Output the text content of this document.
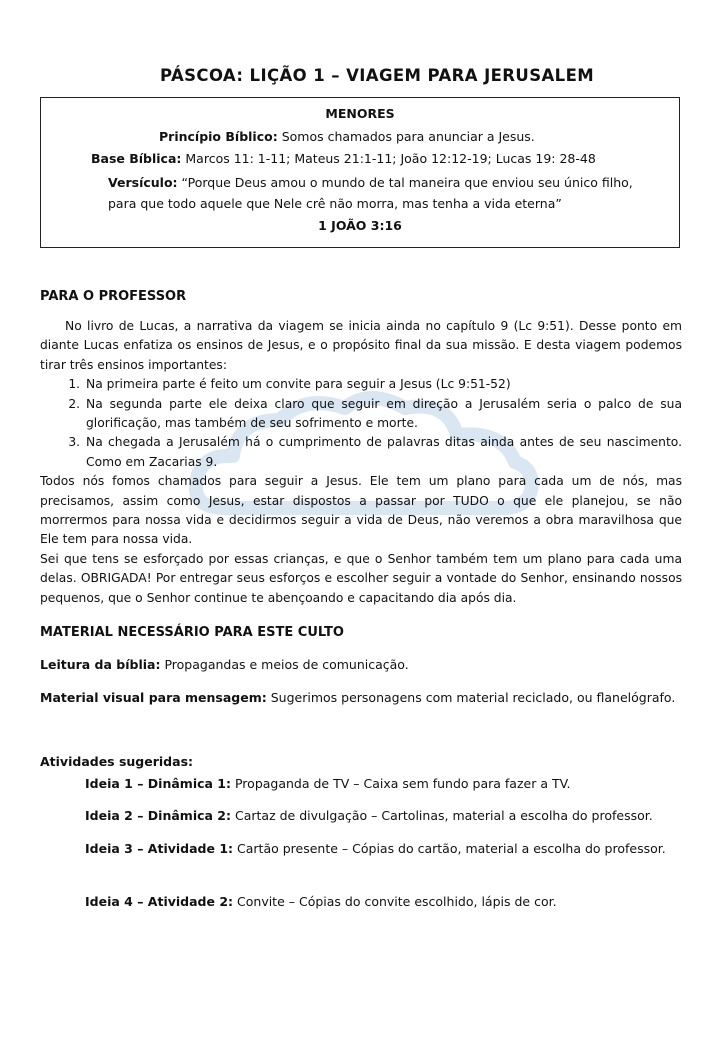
PÁSCOA: LIÇÃO 1 – VIAGEM PARA JERUSALEM
MENORES
Princípio Bíblico: Somos chamados para anunciar a Jesus.
Base Bíblica: Marcos 11: 1-11; Mateus 21:1-11; João 12:12-19; Lucas 19: 28-48
Versículo: “Porque Deus amou o mundo de tal maneira que enviou seu único filho,
para que todo aquele que Nele crê não morra, mas tenha a vida eterna”
1 JOÃO 3:16
PARA O PROFESSOR

No livro de Lucas, a narrativa da viagem se inicia ainda no capítulo 9 (Lc 9:51). Desse ponto em diante Lucas enfatiza os ensinos de Jesus, e o propósito final da sua missão. E desta viagem podemos tirar três ensinos importantes:

1. Na primeira parte é feito um convite para seguir a Jesus (Lc 9:51-52)
2. Na segunda parte ele deixa claro que seguir em direção a Jerusalém seria o palco de sua glorificação, mas também de seu sofrimento e morte.
3. Na chegada a Jerusalém há o cumprimento de palavras ditas ainda antes de seu nascimento. Como em Zacarias 9.

Todos nós fomos chamados para seguir a Jesus. Ele tem um plano para cada um de nós, mas precisamos, assim como Jesus, estar dispostos a passar por TUDO o que ele planejou, se não morrermos para nossa vida e decidirmos seguir a vida de Deus, não veremos a obra maravilhosa que Ele tem para nossa vida.

Sei que tens se esforçado por essas crianças, e que o Senhor também tem um plano para cada uma delas. OBRIGADA! Por entregar seus esforços e escolher seguir a vontade do Senhor, ensinando nossos pequenos, que o Senhor continue te abençoando e capacitando dia após dia.

MATERIAL NECESSÁRIO PARA ESTE CULTO
Leitura da bíblia: Propagandas e meios de comunicação.
Material visual para mensagem: Sugerimos personagens com material reciclado, ou flanelógrafo.
Atividades sugeridas:
Ideia 1 – Dinâmica 1: Propaganda de TV – Caixa sem fundo para fazer a TV.
Ideia 2 – Dinâmica 2: Cartaz de divulgação – Cartolinas, material a escolha do professor.
Ideia 3 – Atividade 1: Cartão presente – Cópias do cartão, material a escolha do professor.
Ideia 4 – Atividade 2: Convite – Cópias do convite escolhido, lápis de cor.
